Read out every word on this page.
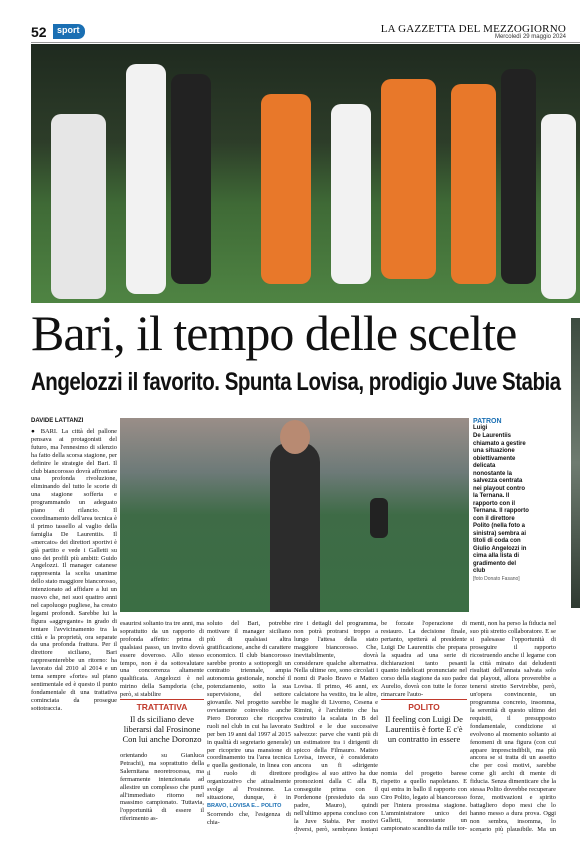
52	sport	LA GAZZETTA DEL MEZZOGIORNO
Mercoledì 29 maggio 2024
Bari, il tempo delle scelte
Angelozzi il favorito. Spunta Lovisa, prodigio Juve Stabia
DAVIDE LATTANZI
● BARI. La città del pallone pensava ai protagonisti del futuro, ma l'ennesimo di silenzio ha fatto della scorsa stagione, per definire le strategie del Bari. Il club biancorosso dovrà affrontare una profonda rivoluzione, eliminando del tutto le scorie di una stagione sofferta e programmando un adeguato piano di rilancio. Il coordinamento dell'area tecnica è il primo tassello al vaglio della famiglia De Laurentiis. Il «mercato» dei direttori sportivi è già partito e vede i Galletti su uno dei profili più ambiti: Guido Angelozzi. Il manager catanese rappresenta la scelta unanime dello stato maggiore biancorosso, intenzionato ad affidare a lui un nuovo che, nei suoi quattro anni nel capoluogo pugliese, ha creato legami profondi. Sarebbe lui la figura «aggregante» in grado di tentare l'avvicinamento tra la città e la proprietà, ora separate da una profonda frattura. Per il direttore siciliano, Bari rappresenterebbe un ritorno: ha lavorato dal 2010 al 2014 e un tema sempre «forte» sul piano sentimentale ed è questo il punto fondamentale di una trattativa cominciata da prosegue sottotraccia.
PATRON
Luigi
De Laurentiis chiamato a gestire una situazione obiettivamente delicata nonostante la salvezza centrata nei playout contro la Ternana. Il rapporto con il Ternana. Il rapporto con il direttore Polito (nella foto a sinistra) sembra ai titoli di coda con Giulio Angelozzi in cima alla lista di gradimento del club
[foto Donato Fasano]
esaurirsi soltanto tra tre anni, ma soprattutto da un rapporto di profonda affetto: prima di qualsiasi passo, un invito dovrà essere doveroso. Allo stesso tempo, non è da sottovalutare una concorrenza altamente qualificata. Angelozzi è nel mirino della Sampdoria (che, però, si stabilire
TRATTATIVA
Il ds siciliano deve liberarsi dal Frosinone Con lui anche Doronzo
orientando su Gianluca Petrachi), ma soprattutto della Salernitana neoretrocessa, ma fermamente intenzionata ad allestire un complesso che punti all'immediato ritorno nel massimo campionato. Tuttavia, l'opportunità di essere il riferimento as-
soluto del Bari, potrebbe motivare il manager siciliano più di qualsiasi altra gratificazione, anche di carattere economico. Il club biancorosso sarebbe pronto a sottoporgli un contratto triennale, ampia autonomia gestionale, nonché il potenziamento, sotto la sua supervisione, del settore giovanile. Nel progetto sarebbe ovviamente coinvolto anche Piero Doronzo che ricopriva ruoli nel club in cui ha lavorato per ben 19 anni dal 1997 al 2015 in qualità di segretario generale) per ricoprire una mansione di coordinamento tra l'area tecnica e quella gestionale, in linea con il ruolo di direttore organizzativo che attualmente svolge al Frosinone. La situazione, dunque, è in
BRAVO, LOVISA E... POLITO
Scorrendo che, l'esigenza di chia-
rire i dettagli del programma, non potrà protrarsi troppo a lungo l'attesa della stato maggiore biancorosso. Che, inevitabilmente, dovrà considerare qualche alternativa. Nella ultime ore, sono circolati i nomi di Paolo Bravo e Matteo Lovisa. Il primo, 46 anni, ex calciatore ha vestito, tra le altre, le maglie di Livorno, Cesena e Rimini, è l'architetto che ha costruito la scalata in B del Sudtirol e le due successive salvezze: parve che vanti più di un estimatore tra i dirigenti di spicco della Filmauro. Matteo Lovisa, invece, è considerato ancora un fi «dirigente prodigio» al suo attivo ha due promozioni dalla C alla B, conseguite prima con il Pordenone (presieduto da suo padre, Mauro), quindi nell'ultimo appena concluso con la Juve Stabia. Per motivi diversi, però, sembrano lontani
be forzate l'operazione di restauro. La decisione finale, pertanto, spetterà al presidente Luigi De Laurentiis che prepara la squadra ad una serie di dichiarazioni tanto pesanti quanto indelicati pronunciate nel corso della stagione da suo padre Aurelio, dovrà con tutte le forze rimarcare l'auto-
POLITO
Il feeling con Luigi De Laurentiis è forte E c'è un contratto in essere
nomia del progetto barese rispetto a quello napoletano. E qui entra in ballo il rapporto con Ciro Polito, legato al biancorosso per l'intera prossima stagione. L'amministratore unico dei Galletti, nonostante un campionato scandito da mille tor-
menti, non ha perso la fiducia nel suo più stretto collaboratore. E se si palesasse l'opportunità di proseguire il rapporto ricostruendo anche il legame con la città minato dai deludenti risultati dell'annata salvata solo dai playout, allora proverebbe a tenersi stretto Servirebbe, però, un'opera convincente, un programma concreto, insomma, la serenità di questo ultimo dei requisiti, il presupposto fondamentale, condizione si evolvono al momento soltanto ai fenomeni di una figura (con cui appare imprescindibili, ma più ancora se si tratta di un assetto che per così motivi, sarebbe come gli archi di mente di fiducia. Senza dimenticare che la stessa Polito dovrebbe recuperare forze, motivazioni e spirito battagliero dopo mesi che lo hanno messo a dura prova. Oggi non sembra, insomma, lo scenario più plausibile. Ma un
